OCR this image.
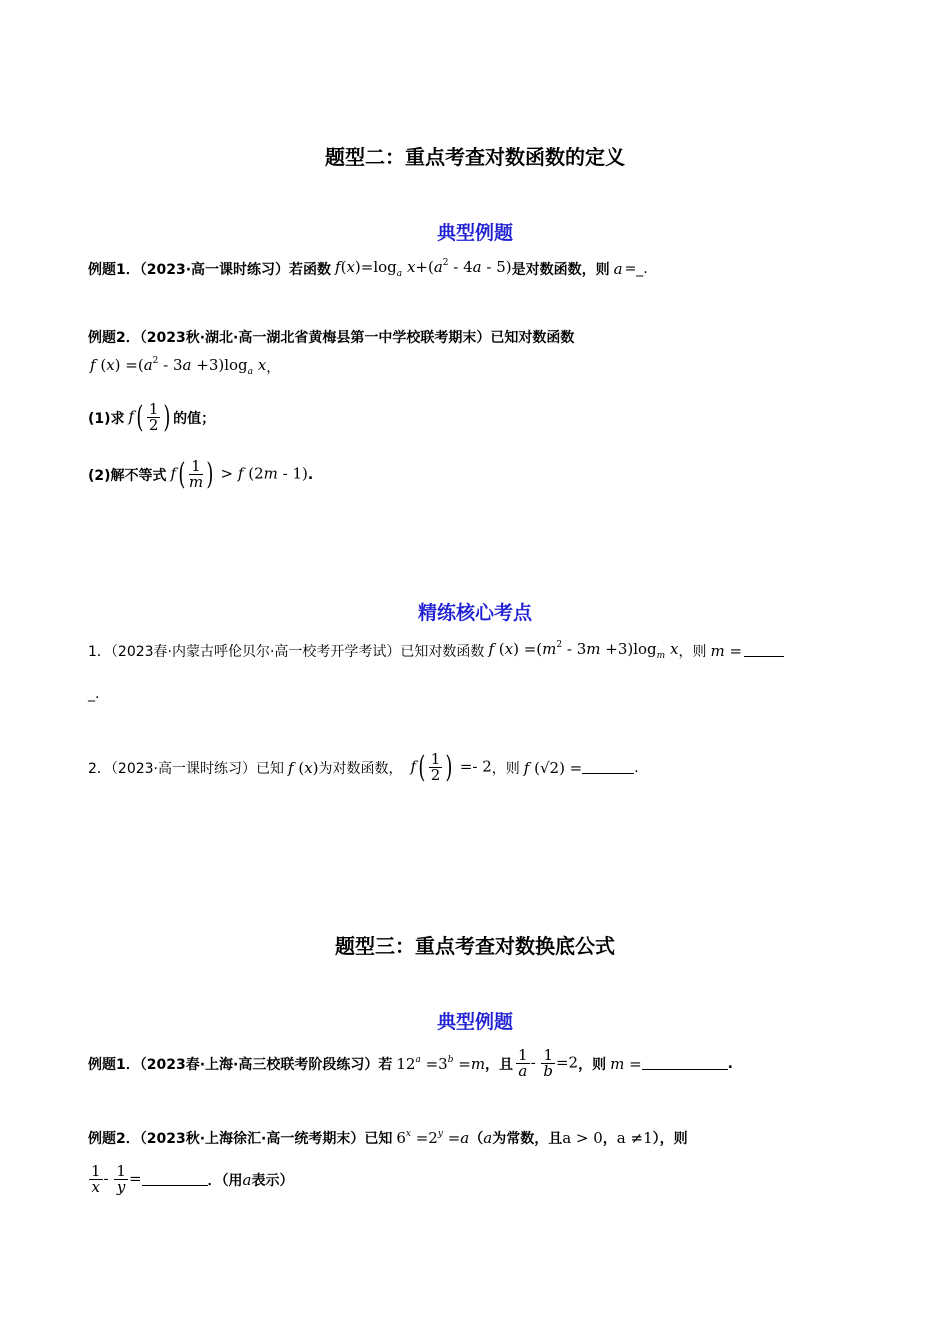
题型二：重点考查对数函数的定义
典型例题
例题1．（2023·高一课时练习）若函数 $f(x)=\log_a$ $x+(a^2 - 4a - 5)$ 是对数函数，则 a =_.
例题2．（2023秋·湖北·高一湖北省黄梅县第一中学校联考期末）已知对数函数
f $(x) =(a^2 - 3a +3)\log_a$ x ，
(1)求 $f( \frac{1}{2}$ ) 的值；
(2)解不等式 $f( \frac{1}{m}$ ) > f (2m - 1) .
精练核心考点
1．（2023春·内蒙古呼伦贝尔·高一校考开学考试）已知对数函数 f $(x) =(m^2 - 3m +3)\log_m$ x ，则 m =
_.
2．（2023·高一课时练习）已知 f (x) 为对数函数， $f( \frac{1}{2}$ ) =- 2 ，则 f (√2) =	.
题型三：重点考查对数换底公式
典型例题
例题1．（2023春·上海·高三校联考阶段练习）若 $12^a =3^b =m$ ，且 $\frac{1}{a} - \frac{1}{b} =2$ ，则 m =	.
例题2．（2023秋·上海徐汇·高一统考期末）已知 $6^x =2^y =a$ （ a 为常数，且 a > 0 ， a ≠1 ），则
$\frac{1}{x} - \frac{1}{y}$ =	．（用 a 表示）
